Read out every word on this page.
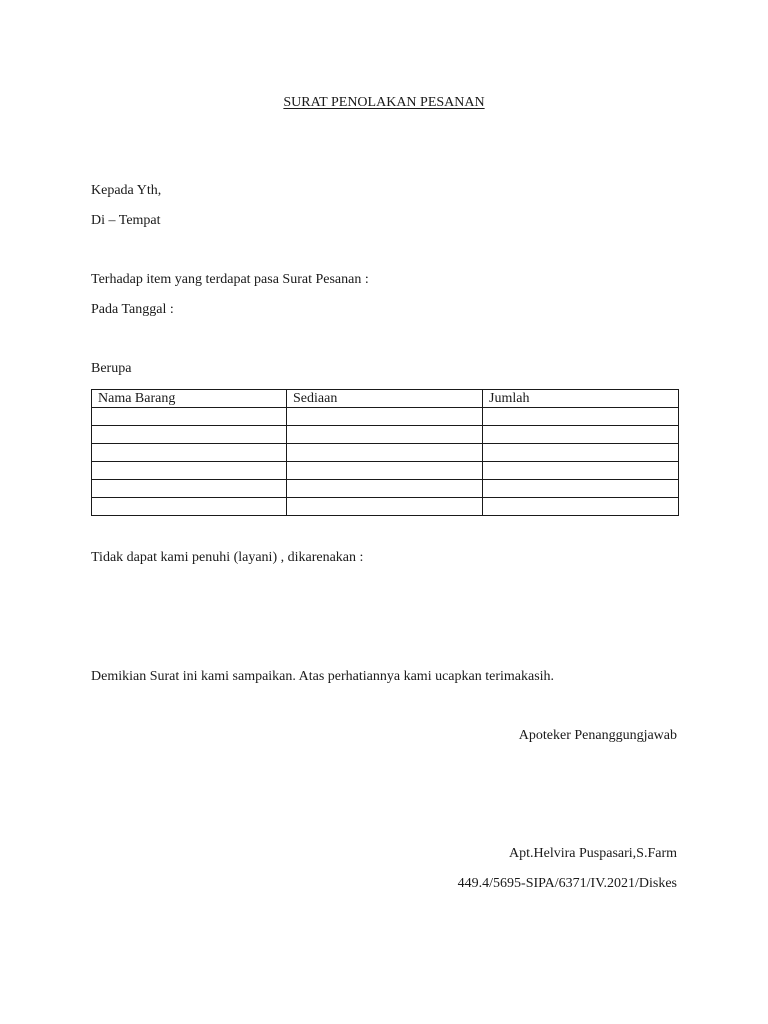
SURAT PENOLAKAN PESANAN
Kepada Yth,
Di – Tempat
Terhadap item yang terdapat pasa Surat Pesanan :
Pada Tanggal :
Berupa
Nama Barang	Sediaan	Jumlah

Tidak dapat kami penuhi (layani) , dikarenakan :
Demikian Surat ini kami sampaikan. Atas perhatiannya kami ucapkan terimakasih.
Apoteker Penanggungjawab
Apt.Helvira Puspasari,S.Farm
449.4/5695-SIPA/6371/IV.2021/Diskes
